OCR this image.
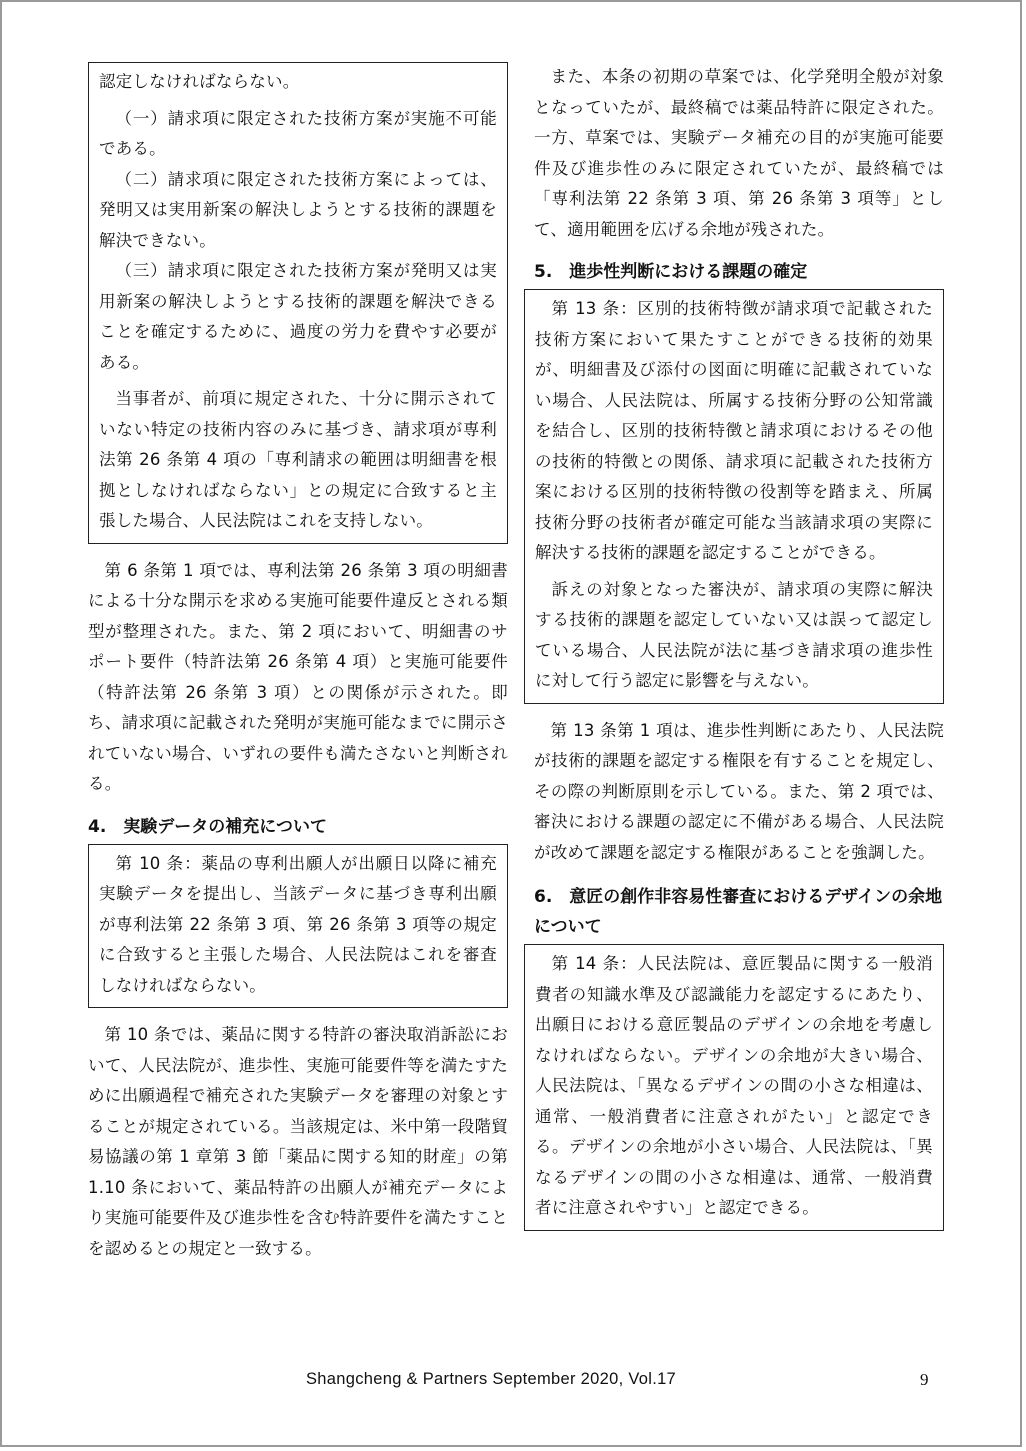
認定しなければならない。

（一）請求項に限定された技術方案が実施不可能である。

（二）請求項に限定された技術方案によっては、発明又は実用新案の解決しようとする技術的課題を解決できない。

（三）請求項に限定された技術方案が発明又は実用新案の解決しようとする技術的課題を解決できることを確定するために、過度の労力を費やす必要がある。

当事者が、前項に規定された、十分に開示されていない特定の技術内容のみに基づき、請求項が専利法第 26 条第 4 項の「専利請求の範囲は明細書を根拠としなければならない」との規定に合致すると主張した場合、人民法院はこれを支持しない。

第 6 条第 1 項では、専利法第 26 条第 3 項の明細書による十分な開示を求める実施可能要件違反とされる類型が整理された。また、第 2 項において、明細書のサポート要件（特許法第 26 条第 4 項）と実施可能要件（特許法第 26 条第 3 項）との関係が示された。即ち、請求項に記載された発明が実施可能なまでに開示されていない場合、いずれの要件も満たさないと判断される。

4.　実験データの補充について

第 10 条：薬品の専利出願人が出願日以降に補充実験データを提出し、当該データに基づき専利出願が専利法第 22 条第 3 項、第 26 条第 3 項等の規定に合致すると主張した場合、人民法院はこれを審査しなければならない。

第 10 条では、薬品に関する特許の審決取消訴訟において、人民法院が、進歩性、実施可能要件等を満たすために出願過程で補充された実験データを審理の対象とすることが規定されている。当該規定は、米中第一段階貿易協議の第 1 章第 3 節「薬品に関する知的財産」の第 1.10 条において、薬品特許の出願人が補充データにより実施可能要件及び進歩性を含む特許要件を満たすことを認めるとの規定と一致する。

また、本条の初期の草案では、化学発明全般が対象となっていたが、最終稿では薬品特許に限定された。一方、草案では、実験データ補充の目的が実施可能要件及び進歩性のみに限定されていたが、最終稿では「専利法第 22 条第 3 項、第 26 条第 3 項等」として、適用範囲を広げる余地が残された。

5.　進歩性判断における課題の確定

第 13 条：区別的技術特徴が請求項で記載された技術方案において果たすことができる技術的効果が、明細書及び添付の図面に明確に記載されていない場合、人民法院は、所属する技術分野の公知常識を結合し、区別的技術特徴と請求項におけるその他の技術的特徴との関係、請求項に記載された技術方案における区別的技術特徴の役割等を踏まえ、所属技術分野の技術者が確定可能な当該請求項の実際に解決する技術的課題を認定することができる。

訴えの対象となった審決が、請求項の実際に解決する技術的課題を認定していない又は誤って認定している場合、人民法院が法に基づき請求項の進歩性に対して行う認定に影響を与えない。

第 13 条第 1 項は、進歩性判断にあたり、人民法院が技術的課題を認定する権限を有することを規定し、その際の判断原則を示している。また、第 2 項では、審決における課題の認定に不備がある場合、人民法院が改めて課題を認定する権限があることを強調した。

6.　意匠の創作非容易性審査におけるデザインの余地について

第 14 条：人民法院は、意匠製品に関する一般消費者の知識水準及び認識能力を認定するにあたり、出願日における意匠製品のデザインの余地を考慮しなければならない。デザインの余地が大きい場合、人民法院は、「異なるデザインの間の小さな相違は、通常、一般消費者に注意されがたい」と認定できる。デザインの余地が小さい場合、人民法院は、「異なるデザインの間の小さな相違は、通常、一般消費者に注意されやすい」と認定できる。

Shangcheng & Partners September 2020, Vol.17	9
